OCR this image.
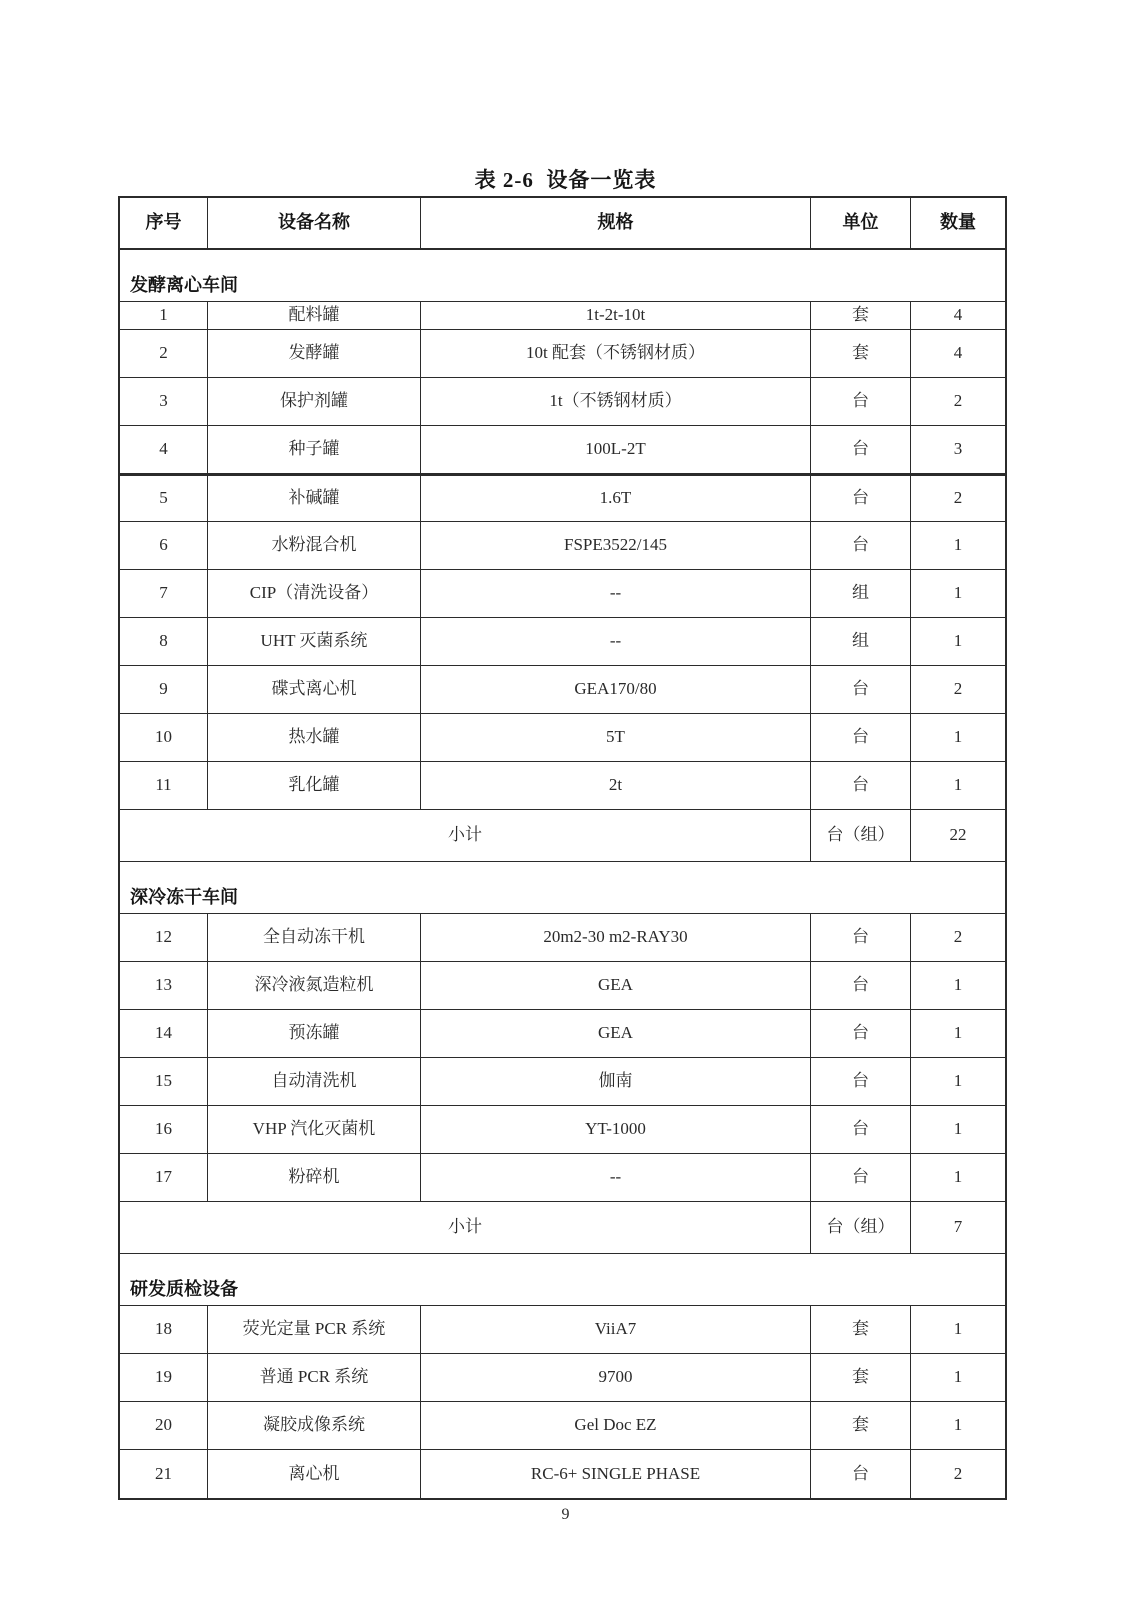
表 2-6  设备一览表
序号	设备名称	规格	单位	数量
发酵离心车间
1	配料罐	1t-2t-10t	套	4
2	发酵罐	10t 配套（不锈钢材质）	套	4
3	保护剂罐	1t（不锈钢材质）	台	2
4	种子罐	100L-2T	台	3
5	补碱罐	1.6T	台	2
6	水粉混合机	FSPE3522/145	台	1
7	CIP（清洗设备）	--	组	1
8	UHT 灭菌系统	--	组	1
9	碟式离心机	GEA170/80	台	2
10	热水罐	5T	台	1
11	乳化罐	2t	台	1
小计	台（组）	22
深冷冻干车间
12	全自动冻干机	20m2-30 m2-RAY30	台	2
13	深冷液氮造粒机	GEA	台	1
14	预冻罐	GEA	台	1
15	自动清洗机	伽南	台	1
16	VHP 汽化灭菌机	YT-1000	台	1
17	粉碎机	--	台	1
小计	台（组）	7
研发质检设备
18	荧光定量 PCR 系统	ViiA7	套	1
19	普通 PCR 系统	9700	套	1
20	凝胶成像系统	Gel Doc EZ	套	1
21	离心机	RC-6+ SINGLE PHASE	台	2
9
